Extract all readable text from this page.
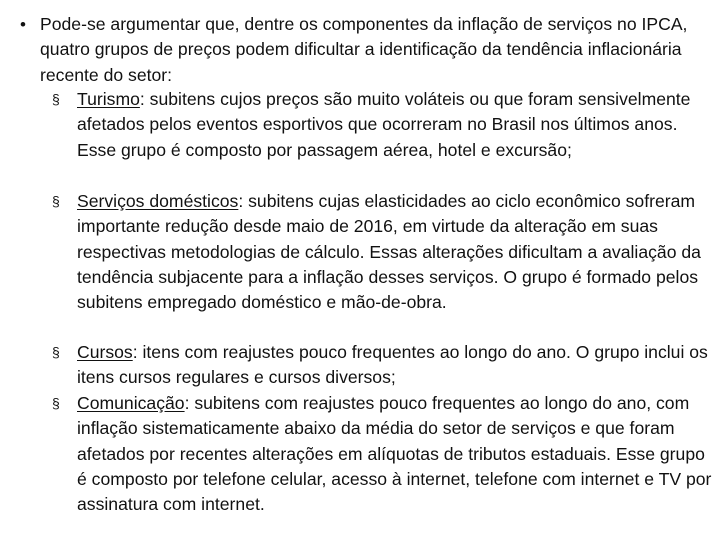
• Pode-se argumentar que, dentre os componentes da inflação de serviços no IPCA, quatro grupos de preços podem dificultar a identificação da tendência inflacionária recente do setor:
§ Turismo: subitens cujos preços são muito voláteis ou que foram sensivelmente afetados pelos eventos esportivos que ocorreram no Brasil nos últimos anos. Esse grupo é composto por passagem aérea, hotel e excursão;
§ Serviços domésticos: subitens cujas elasticidades ao ciclo econômico sofreram importante redução desde maio de 2016, em virtude da alteração em suas respectivas metodologias de cálculo. Essas alterações dificultam a avaliação da tendência subjacente para a inflação desses serviços. O grupo é formado pelos subitens empregado doméstico e mão-de-obra.
§ Cursos: itens com reajustes pouco frequentes ao longo do ano. O grupo inclui os itens cursos regulares e cursos diversos;
§ Comunicação: subitens com reajustes pouco frequentes ao longo do ano, com inflação sistematicamente abaixo da média do setor de serviços e que foram afetados por recentes alterações em alíquotas de tributos estaduais. Esse grupo é composto por telefone celular, acesso à internet, telefone com internet e TV por assinatura com internet.
